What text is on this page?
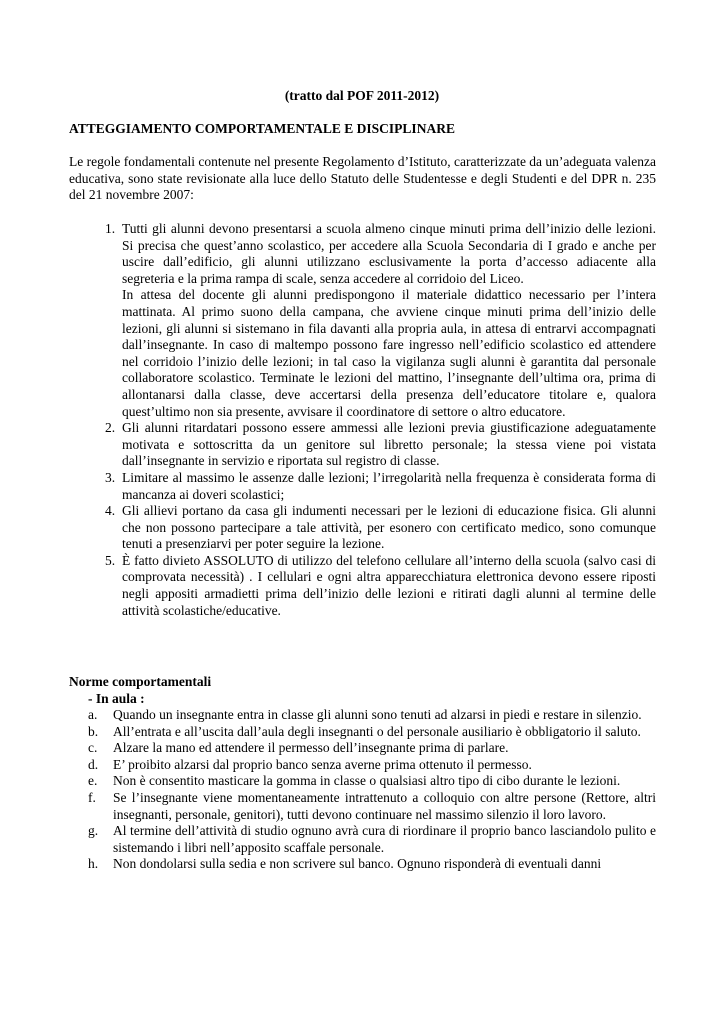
(tratto dal POF 2011-2012)
ATTEGGIAMENTO COMPORTAMENTALE E DISCIPLINARE
Le regole fondamentali contenute nel presente Regolamento d’Istituto, caratterizzate da un’adeguata valenza educativa, sono state revisionate alla luce dello Statuto delle Studentesse e degli Studenti e del DPR n. 235 del 21 novembre 2007:
1. Tutti gli alunni devono presentarsi a scuola almeno cinque minuti prima dell’inizio delle lezioni. Si precisa che quest’anno scolastico, per accedere alla Scuola Secondaria di I grado e anche per uscire dall’edificio, gli alunni utilizzano esclusivamente la porta d’accesso adiacente alla segreteria e la prima rampa di scale, senza accedere al corridoio del Liceo.

In attesa del docente gli alunni predispongono il materiale didattico necessario per l’intera mattinata. Al primo suono della campana, che avviene cinque minuti prima dell’inizio delle lezioni, gli alunni si sistemano in fila davanti alla propria aula, in attesa di entrarvi accompagnati dall’insegnante. In caso di maltempo possono fare ingresso nell’edificio scolastico ed attendere nel corridoio l’inizio delle lezioni; in tal caso la vigilanza sugli alunni è garantita dal personale collaboratore scolastico. Terminate le lezioni del mattino, l’insegnante dell’ultima ora, prima di allontanarsi dalla classe, deve accertarsi della presenza dell’educatore titolare e, qualora quest’ultimo non sia presente, avvisare il coordinatore di settore o altro educatore.

2. Gli alunni ritardatari possono essere ammessi alle lezioni previa giustificazione adeguatamente motivata e sottoscritta da un genitore sul libretto personale; la stessa viene poi vistata dall’insegnante in servizio e riportata sul registro di classe.

3. Limitare al massimo le assenze dalle lezioni; l’irregolarità nella frequenza è considerata forma di mancanza ai doveri scolastici;

4. Gli allievi portano da casa gli indumenti necessari per le lezioni di educazione fisica. Gli alunni che non possono partecipare a tale attività, per esonero con certificato medico, sono comunque tenuti a presenziarvi per poter seguire la lezione.

5. È fatto divieto ASSOLUTO di utilizzo del telefono cellulare all’interno della scuola (salvo casi di comprovata necessità) . I cellulari e ogni altra apparecchiatura elettronica devono essere riposti negli appositi armadietti prima dell’inizio delle lezioni e ritirati dagli alunni al termine delle attività scolastiche/educative.

Norme comportamentali
- In aula :
a. Quando un insegnante entra in classe gli alunni sono tenuti ad alzarsi in piedi e restare in silenzio.
b. All’entrata e all’uscita dall’aula degli insegnanti o del personale ausiliario è obbligatorio il saluto.
c. Alzare la mano ed attendere il permesso dell’insegnante prima di parlare.
d. E’ proibito alzarsi dal proprio banco senza averne prima ottenuto il permesso.
e. Non è consentito masticare la gomma in classe o qualsiasi altro tipo di cibo durante le lezioni.
f. Se l’insegnante viene momentaneamente intrattenuto a colloquio con altre persone (Rettore, altri insegnanti, personale, genitori), tutti devono continuare nel massimo silenzio il loro lavoro.
g. Al termine dell’attività di studio ognuno avrà cura di riordinare il proprio banco lasciandolo pulito e sistemando i libri nell’apposito scaffale personale.
h. Non dondolarsi sulla sedia e non scrivere sul banco. Ognuno risponderà di eventuali danni
